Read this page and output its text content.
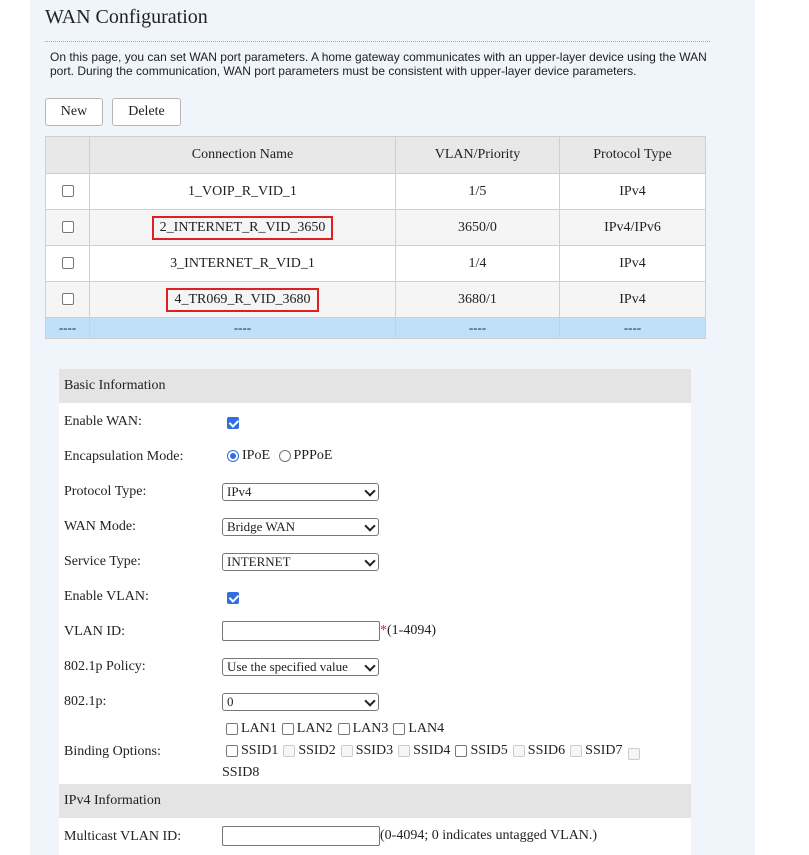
WAN Configuration
On this page, you can set WAN port parameters. A home gateway communicates with an upper-layer device using the WAN port. During the communication, WAN port parameters must be consistent with upper-layer device parameters.
New	Delete
	Connection Name	VLAN/Priority	Protocol Type
	1_VOIP_R_VID_1	1/5	IPv4
	2_INTERNET_R_VID_3650	3650/0	IPv4/IPv6
	3_INTERNET_R_VID_1	1/4	IPv4
	4_TR069_R_VID_3680	3680/1	IPv4
----	----	----	----
Basic Information
Enable WAN:
Encapsulation Mode:	IPoE
PPPoE
Protocol Type:	IPv4
WAN Mode:	Bridge WAN
Service Type:	INTERNET
Enable VLAN:
VLAN ID:	*(1-4094)
802.1p Policy:	Use the specified value
802.1p:	0
LAN1 LAN2 LAN3 LAN4
Binding Options:	SSID1 SSID2 SSID3 SSID4 SSID5 SSID6 SSID7
SSID8
IPv4 Information
Multicast VLAN ID:	(0-4094; 0 indicates untagged VLAN.)
